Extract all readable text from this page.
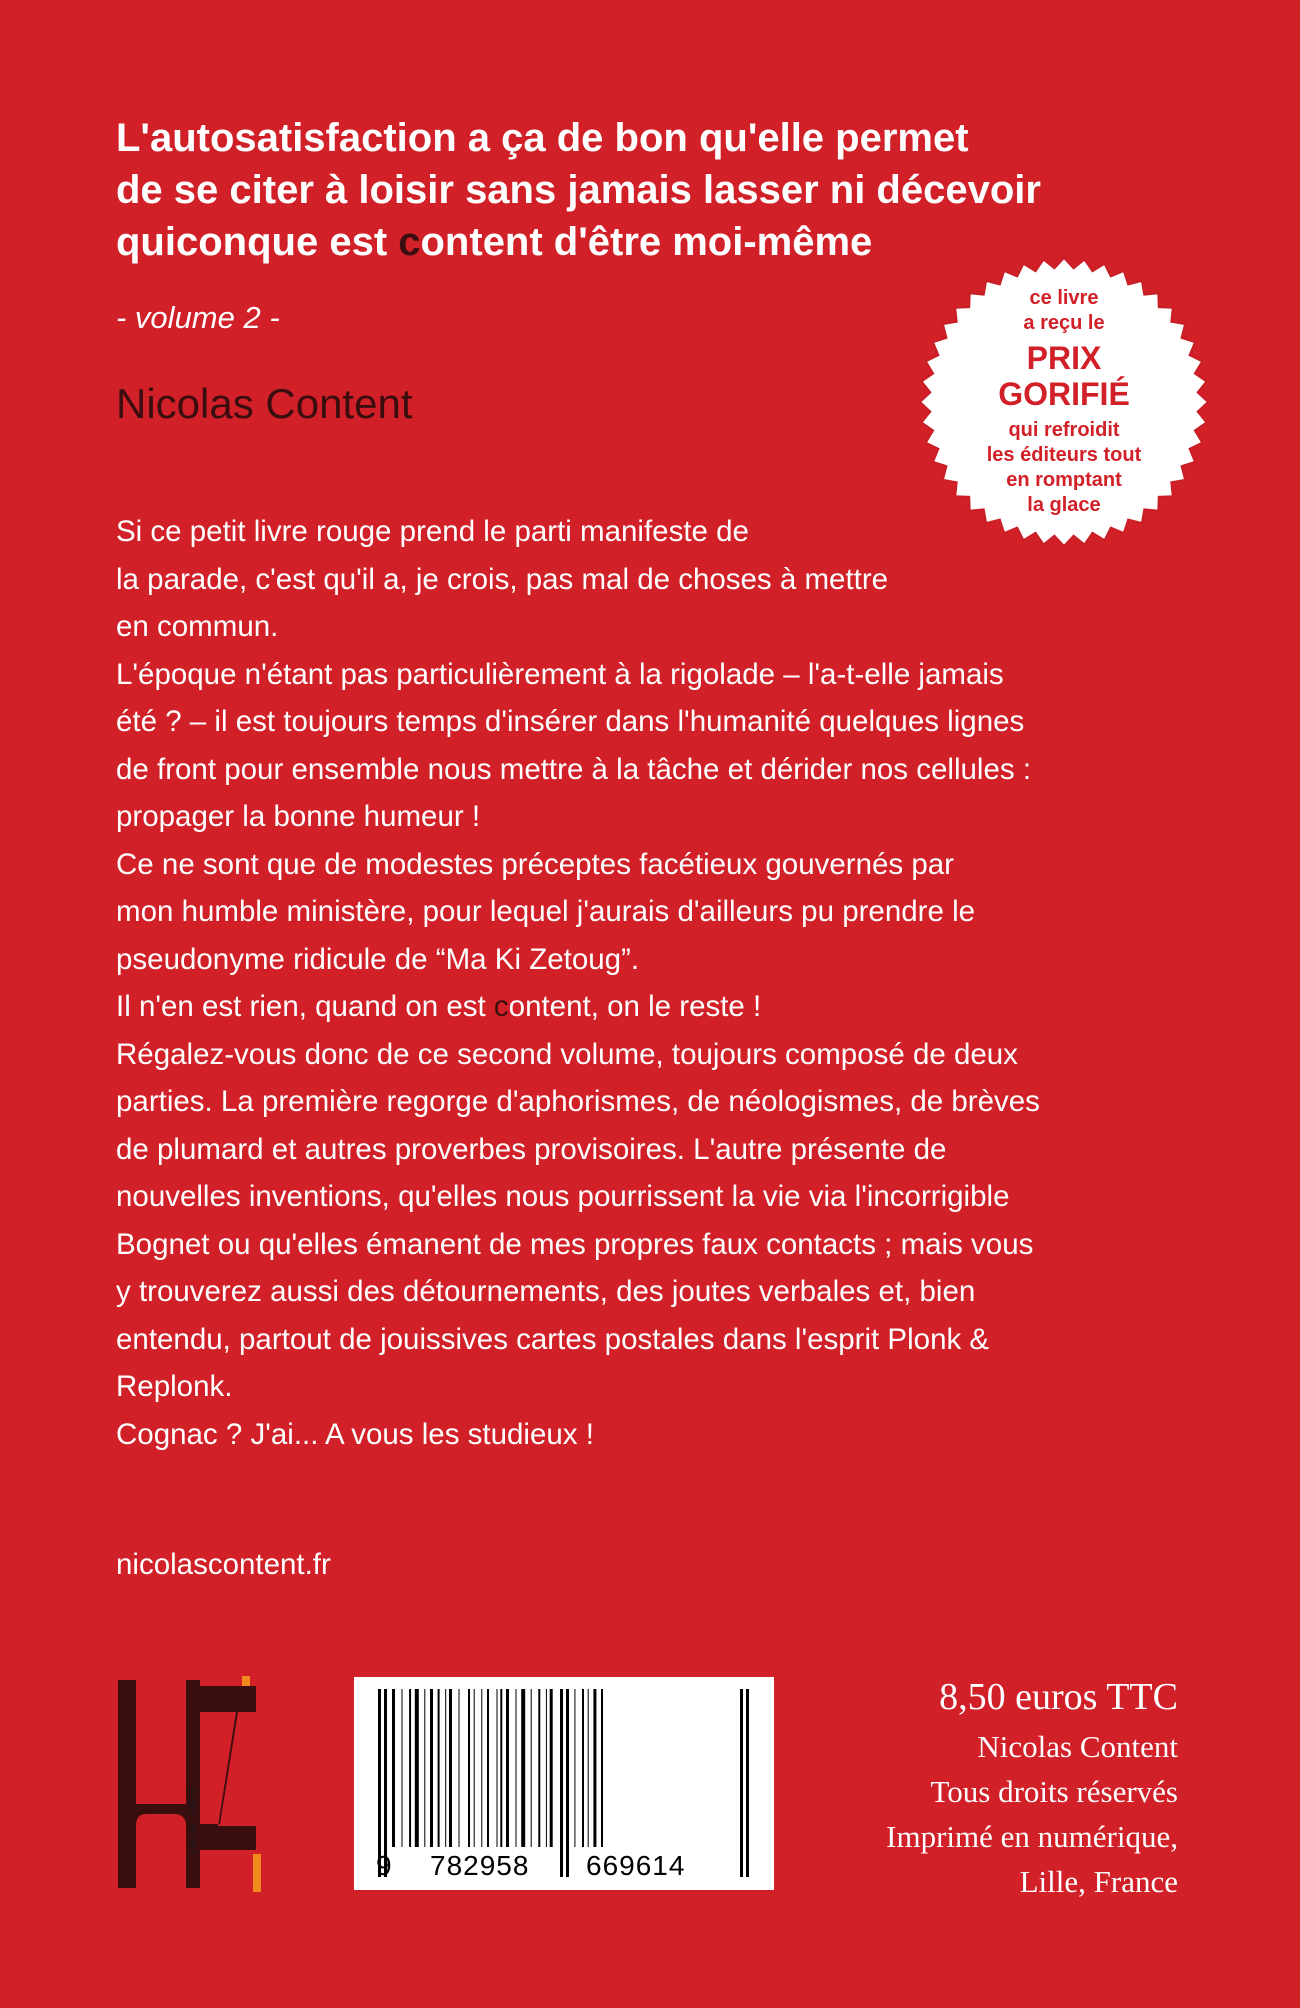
L'autosatisfaction a ça de bon qu'elle permet
de se citer à loisir sans jamais lasser ni décevoir
quiconque est content d'être moi-même
- volume 2 -
Nicolas Content
ce livre
a reçu le
PRIX
GORIFIÉ
qui refroidit
les éditeurs tout
en romptant
la glace
Si ce petit livre rouge prend le parti manifeste de
la parade, c'est qu'il a, je crois, pas mal de choses à mettre
en commun.
L'époque n'étant pas particulièrement à la rigolade – l'a-t-elle jamais
été ? – il est toujours temps d'insérer dans l'humanité quelques lignes
de front pour ensemble nous mettre à la tâche et dérider nos cellules :
propager la bonne humeur !
Ce ne sont que de modestes préceptes facétieux gouvernés par
mon humble ministère, pour lequel j'aurais d'ailleurs pu prendre le
pseudonyme ridicule de “Ma Ki Zetoug”.
Il n'en est rien, quand on est content, on le reste !
Régalez-vous donc de ce second volume, toujours composé de deux
parties. La première regorge d'aphorismes, de néologismes, de brèves
de plumard et autres proverbes provisoires. L'autre présente de
nouvelles inventions, qu'elles nous pourrissent la vie via l'incorrigible
Bognet ou qu'elles émanent de mes propres faux contacts ; mais vous
y trouverez aussi des détournements, des joutes verbales et, bien
entendu, partout de jouissives cartes postales dans l'esprit Plonk &
Replonk.
Cognac ? J'ai... A vous les studieux !
nicolascontent.fr
boites
ontent
9 782958 669614
8,50 euros TTC
Nicolas Content
Tous droits réservés
Imprimé en numérique,
Lille, France
